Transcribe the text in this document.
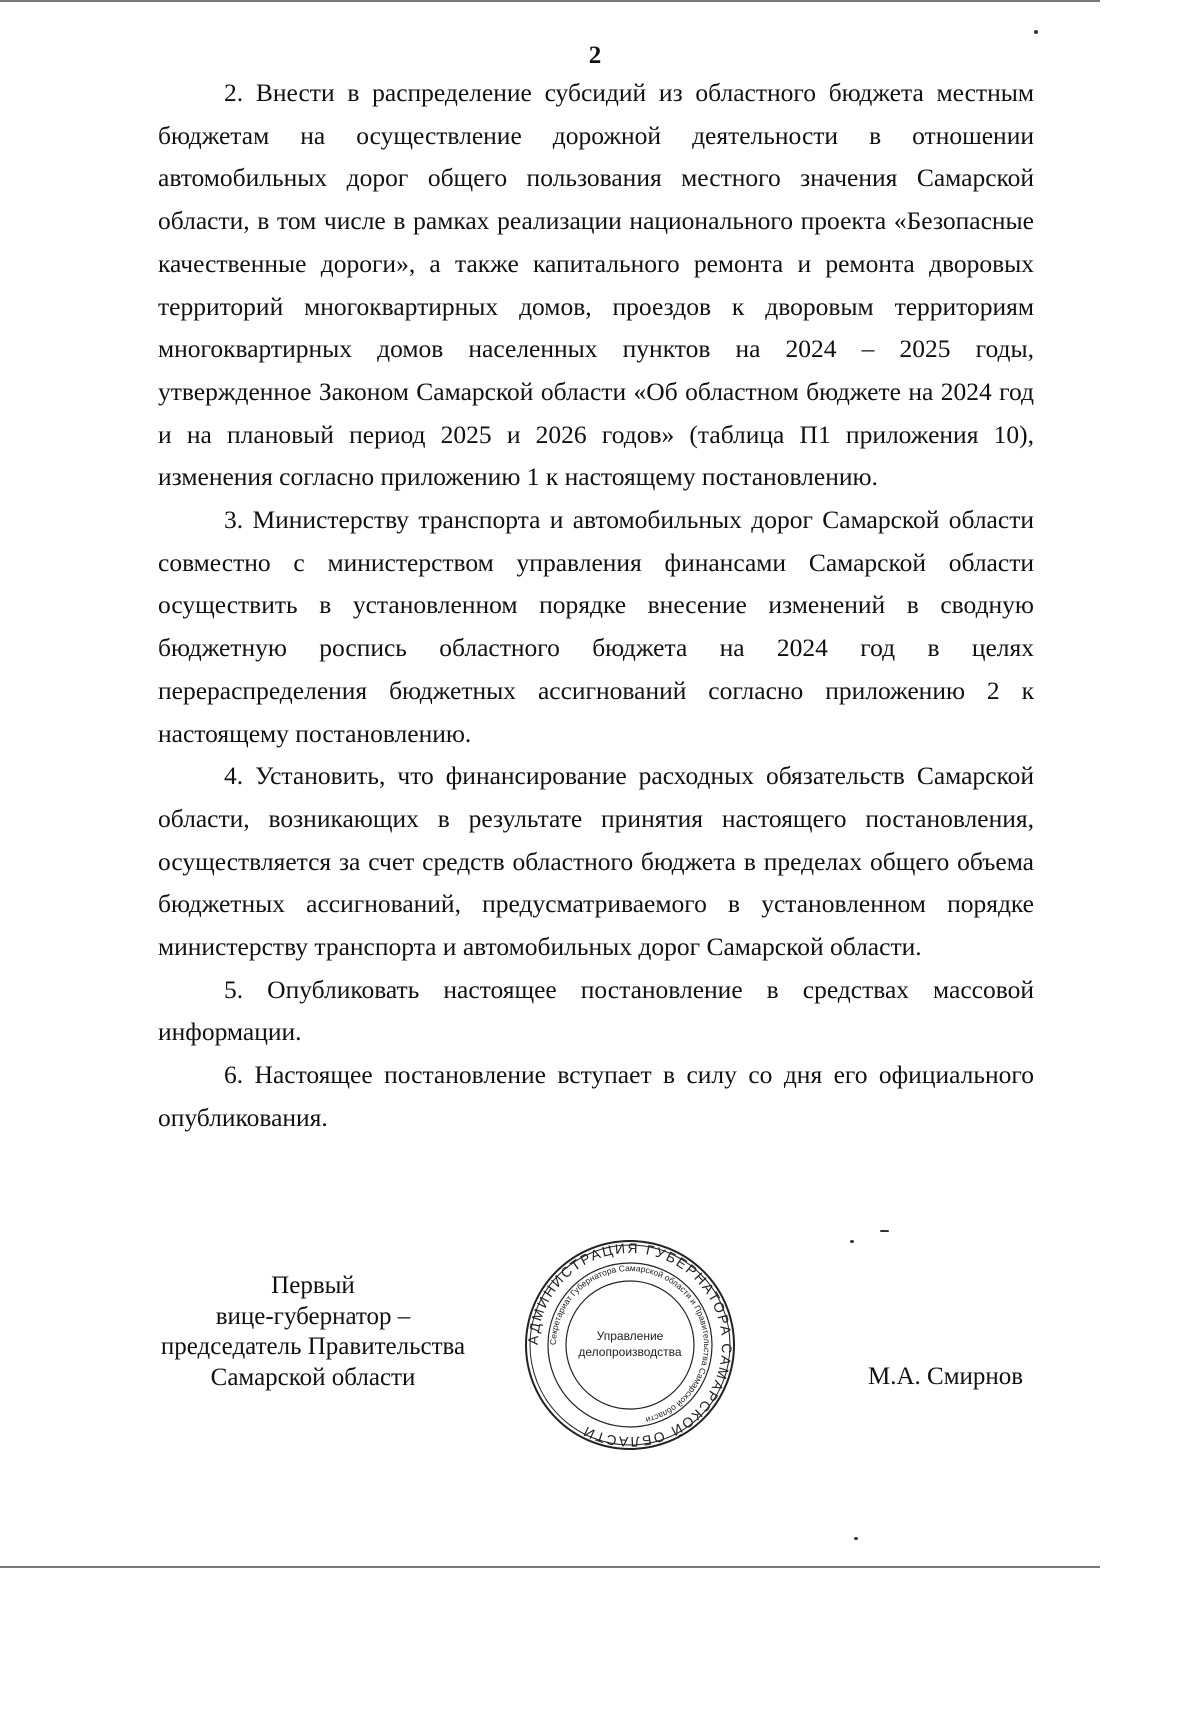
2

2. Внести в распределение субсидий из областного бюджета местным бюджетам на осуществление дорожной деятельности в отношении автомобильных дорог общего пользования местного значения Самарской области, в том числе в рамках реализации национального проекта «Безопасные качественные дороги», а также капитального ремонта и ремонта дворовых территорий многоквартирных домов, проездов к дворовым территориям многоквартирных домов населенных пунктов на 2024 – 2025 годы, утвержденное Законом Самарской области «Об областном бюджете на 2024 год и на плановый период 2025 и 2026 годов» (таблица П1 приложения 10), изменения согласно приложению 1 к настоящему постановлению.

3. Министерству транспорта и автомобильных дорог Самарской области совместно с министерством управления финансами Самарской области осуществить в установленном порядке внесение изменений в сводную бюджетную роспись областного бюджета на 2024 год в целях перераспределения бюджетных ассигнований согласно приложению 2 к настоящему постановлению.

4. Установить, что финансирование расходных обязательств Самарской области, возникающих в результате принятия настоящего постановления, осуществляется за счет средств областного бюджета в пределах общего объема бюджетных ассигнований, предусматриваемого в установленном порядке министерству транспорта и автомобильных дорог Самарской области.

5. Опубликовать настоящее постановление в средствах массовой информации.

6. Настоящее постановление вступает в силу со дня его официального опубликования.

Первый
вице-губернатор –
председатель Правительства
Самарской области
АДМИНИСТРАЦИЯ ГУБЕРНАТОРА САМАРСКОЙ ОБЛАСТИ
Секретариат Губернатора Самарской области и Правительства Самарской области
Управление
делопроизводства
М.А. Смирнов
